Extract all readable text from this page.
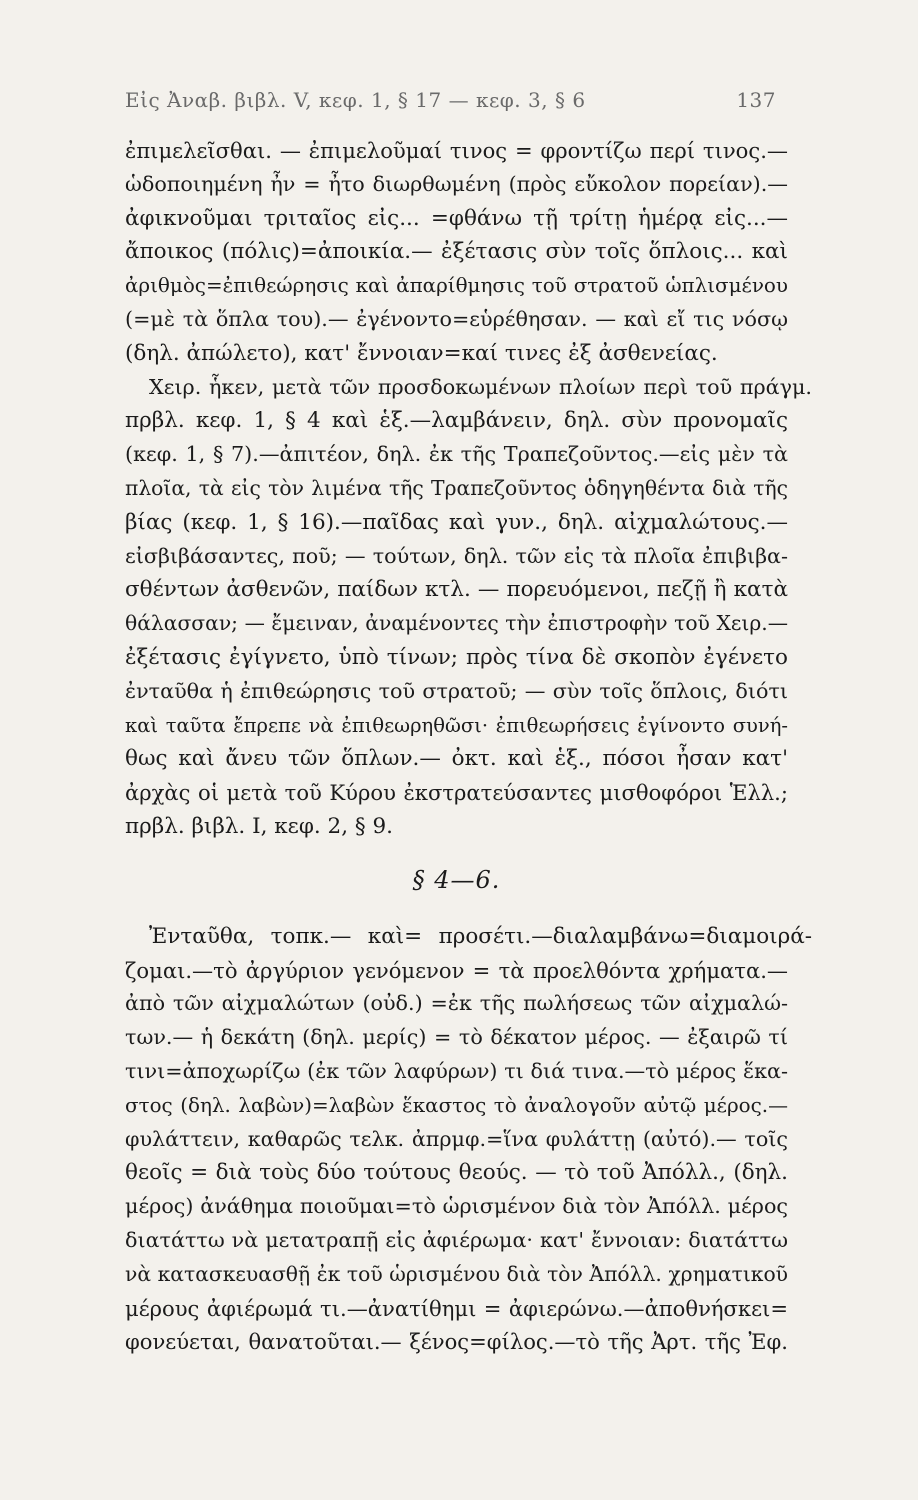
Εἰς Ἀναβ. βιβλ. V, κεφ. 1, § 17 — κεφ. 3, § 6	137
ἐπιμελεῖσθαι. — ἐπιμελοῦμαί τινος = φροντίζω περί τινος.—
ὡδοποιημένη ἦν = ἦτο διωρθωμένη (πρὸς εὔκολον πορείαν).—
ἀφικνοῦμαι τριταῖος εἰς... =φθάνω τῇ τρίτῃ ἡμέρᾳ εἰς...—
ἄποικος (πόλις)=ἀποικία.— ἐξέτασις σὺν τοῖς ὅπλοις... καὶ
ἀριθμὸς=ἐπιθεώρησις καὶ ἀπαρίθμησις τοῦ στρατοῦ ὡπλισμένου
(=μὲ τὰ ὅπλα του).— ἐγένοντο=εὑρέθησαν. — καὶ εἴ τις νόσῳ
(δηλ. ἀπώλετο), κατ' ἔννοιαν=καί τινες ἐξ ἀσθενείας.
Χειρ. ἧκεν, μετὰ τῶν προσδοκωμένων πλοίων περὶ τοῦ πράγμ.
πρβλ. κεφ. 1, § 4 καὶ ἑξ.—λαμβάνειν, δηλ. σὺν προνομαῖς
(κεφ. 1, § 7).—ἀπιτέον, δηλ. ἐκ τῆς Τραπεζοῦντος.—εἰς μὲν τὰ
πλοῖα, τὰ εἰς τὸν λιμένα τῆς Τραπεζοῦντος ὁδηγηθέντα διὰ τῆς
βίας (κεφ. 1, § 16).—παῖδας καὶ γυν., δηλ. αἰχμαλώτους.—
εἰσβιβάσαντες, ποῦ; — τούτων, δηλ. τῶν εἰς τὰ πλοῖα ἐπιβιβα-
σθέντων ἀσθενῶν, παίδων κτλ. — πορευόμενοι, πεζῇ ἢ κατὰ
θάλασσαν; — ἔμειναν, ἀναμένοντες τὴν ἐπιστροφὴν τοῦ Χειρ.—
ἐξέτασις ἐγίγνετο, ὑπὸ τίνων; πρὸς τίνα δὲ σκοπὸν ἐγένετο
ἐνταῦθα ἡ ἐπιθεώρησις τοῦ στρατοῦ; — σὺν τοῖς ὅπλοις, διότι
καὶ ταῦτα ἔπρεπε νὰ ἐπιθεωρηθῶσι· ἐπιθεωρήσεις ἐγίνοντο συνή-
θως καὶ ἄνευ τῶν ὅπλων.— ὀκτ. καὶ ἑξ., πόσοι ἦσαν κατ'
ἀρχὰς οἱ μετὰ τοῦ Κύρου ἐκστρατεύσαντες μισθοφόροι Ἑλλ.;
πρβλ. βιβλ. I, κεφ. 2, § 9.
§ 4—6.
Ἐνταῦθα, τοπκ.— καὶ= προσέτι.—διαλαμβάνω=διαμοιρά-
ζομαι.—τὸ ἀργύριον γενόμενον = τὰ προελθόντα χρήματα.—
ἀπὸ τῶν αἰχμαλώτων (οὐδ.) =ἐκ τῆς πωλήσεως τῶν αἰχμαλώ-
των.— ἡ δεκάτη (δηλ. μερίς) = τὸ δέκατον μέρος. — ἐξαιρῶ τί
τινι=ἀποχωρίζω (ἐκ τῶν λαφύρων) τι διά τινα.—τὸ μέρος ἕκα-
στος (δηλ. λαβὼν)=λαβὼν ἕκαστος τὸ ἀναλογοῦν αὐτῷ μέρος.—
φυλάττειν, καθαρῶς τελκ. ἀπρμφ.=ἵνα φυλάττῃ (αὐτό).— τοῖς
θεοῖς = διὰ τοὺς δύο τούτους θεούς. — τὸ τοῦ Ἀπόλλ., (δηλ.
μέρος) ἀνάθημα ποιοῦμαι=τὸ ὡρισμένον διὰ τὸν Ἀπόλλ. μέρος
διατάττω νὰ μετατραπῇ εἰς ἀφιέρωμα· κατ' ἔννοιαν: διατάττω
νὰ κατασκευασθῇ ἐκ τοῦ ὡρισμένου διὰ τὸν Ἀπόλλ. χρηματικοῦ
μέρους ἀφιέρωμά τι.—ἀνατίθημι = ἀφιερώνω.—ἀποθνήσκει=
φονεύεται, θανατοῦται.— ξένος=φίλος.—τὸ τῆς Ἀρτ. τῆς Ἐφ.
